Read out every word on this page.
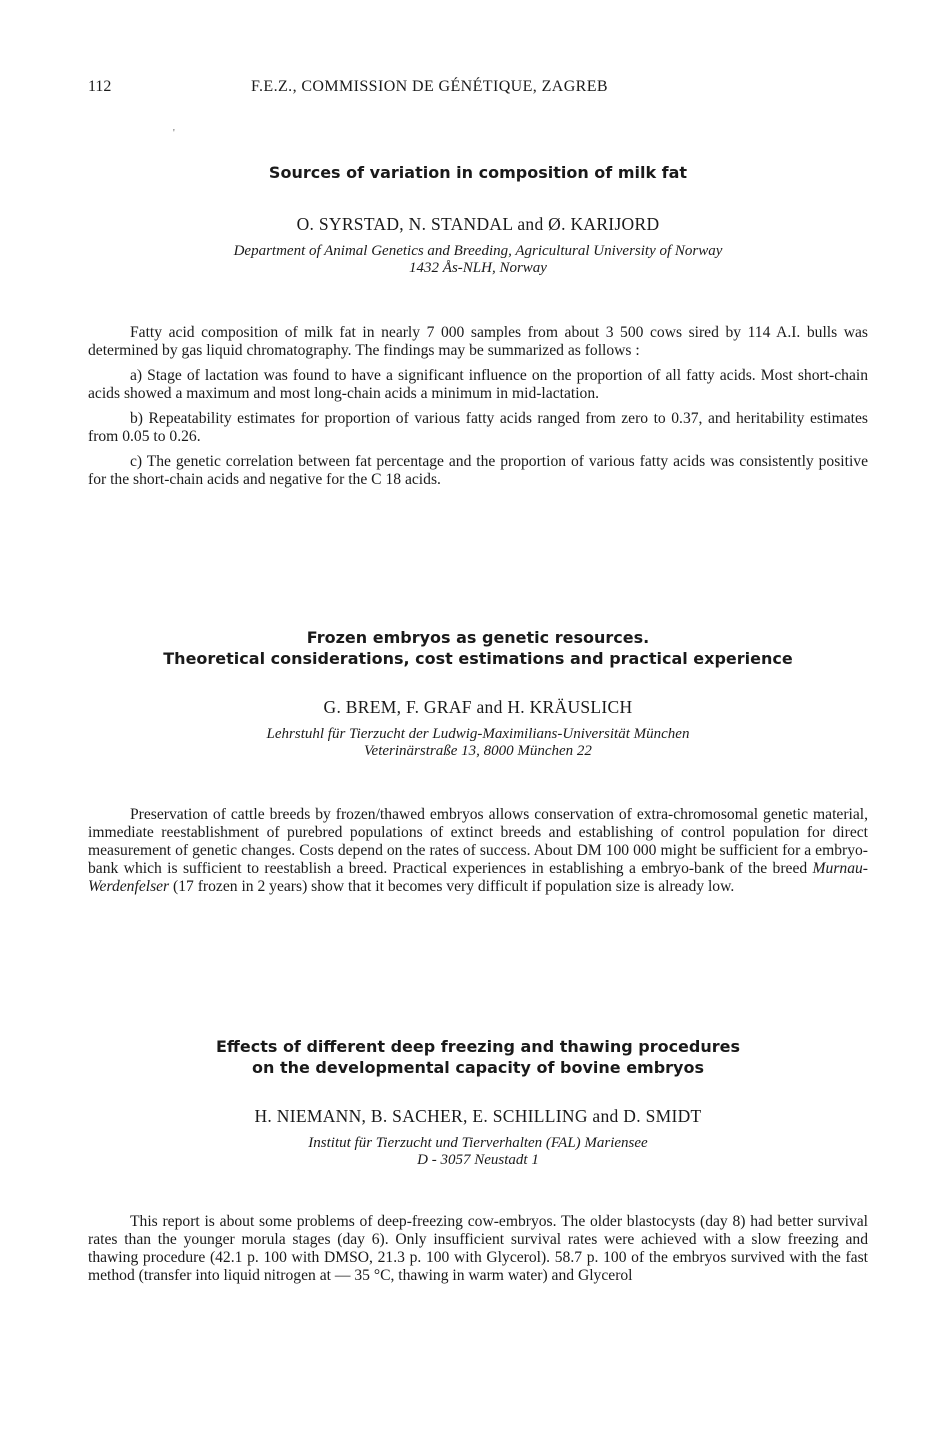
112	F.E.Z., COMMISSION DE GÉNÉTIQUE, ZAGREB
'

Sources of variation in composition of milk fat

O. SYRSTAD, N. STANDAL and Ø. KARIJORD

Department of Animal Genetics and Breeding, Agricultural University of Norway

1432 Ås-NLH, Norway

Fatty acid composition of milk fat in nearly 7 000 samples from about 3 500 cows sired by 114 A.I. bulls was determined by gas liquid chromatography. The findings may be summarized as follows :

a) Stage of lactation was found to have a significant influence on the proportion of all fatty acids. Most short-chain acids showed a maximum and most long-chain acids a minimum in mid-lactation.

b) Repeatability estimates for proportion of various fatty acids ranged from zero to 0.37, and heritability estimates from 0.05 to 0.26.

c) The genetic correlation between fat percentage and the proportion of various fatty acids was consistently positive for the short-chain acids and negative for the C 18 acids.

Frozen embryos as genetic resources.

Theoretical considerations, cost estimations and practical experience

G. BREM, F. GRAF and H. KRÄUSLICH

Lehrstuhl für Tierzucht der Ludwig-Maximilians-Universität München

Veterinärstraße 13, 8000 München 22

Preservation of cattle breeds by frozen/thawed embryos allows conservation of extra-chromosomal genetic material, immediate reestablishment of purebred populations of extinct breeds and establishing of control population for direct measurement of genetic changes. Costs depend on the rates of success. About DM 100 000 might be sufficient for a embryo-bank which is sufficient to reestablish a breed. Practical experiences in establishing a embryo-bank of the breed Murnau-Werdenfelser (17 frozen in 2 years) show that it becomes very difficult if population size is already low.

Effects of different deep freezing and thawing procedures

on the developmental capacity of bovine embryos

H. NIEMANN, B. SACHER, E. SCHILLING and D. SMIDT

Institut für Tierzucht und Tierverhalten (FAL) Mariensee

D - 3057 Neustadt 1

This report is about some problems of deep-freezing cow-embryos. The older blastocysts (day 8) had better survival rates than the younger morula stages (day 6). Only insufficient survival rates were achieved with a slow freezing and thawing procedure (42.1 p. 100 with DMSO, 21.3 p. 100 with Glycerol). 58.7 p. 100 of the embryos survived with the fast method (transfer into liquid nitrogen at — 35 °C, thawing in warm water) and Glycerol
